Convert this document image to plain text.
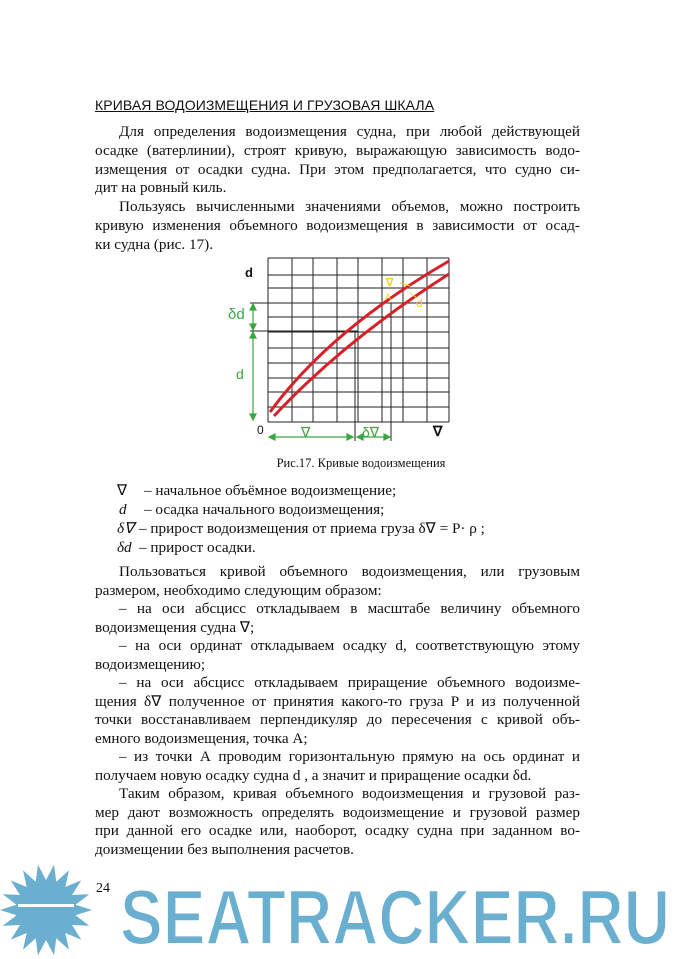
КРИВАЯ ВОДОИЗМЕЩЕНИЯ И ГРУЗОВАЯ ШКАЛА
Для определения водоизмещения судна, при любой действующей
осадке (ватерлинии), строят кривую, выражающую зависимость водо-
измещения от осадки судна. При этом предполагается, что судно си-
дит на ровный киль.
Пользуясь вычисленными значениями объемов, можно построить
кривую изменения объемного водоизмещения в зависимости от осад-
ки судна (рис. 17).
d
δd
d
0	∇	δ∇	∇
∇
A d
Рис.17. Кривые водоизмещения
∇ – начальное объёмное водоизмещение;
d – осадка начального водоизмещения;
δ∇ – прирост водоизмещения от приема груза δ∇ = P· ρ ;
δd – прирост осадки.
Пользоваться кривой объемного водоизмещения, или грузовым
размером, необходимо следующим образом:
– на оси абсцисс откладываем в масштабе величину объемного
водоизмещения судна ∇;
– на оси ординат откладываем осадку d, соответствующую этому
водоизмещению;
– на оси абсцисс откладываем приращение объемного водоизме-
щения δ∇ полученное от принятия какого-то груза P и из полученной
точки восстанавливаем перпендикуляр до пересечения с кривой объ-
емного водоизмещения, точка А;
– из точки А проводим горизонтальную прямую на ось ординат и
получаем новую осадку судна d , а значит и приращение осадки δd.
Таким образом, кривая объемного водоизмещения и грузовой раз-
мер дают возможность определять водоизмещение и грузовой размер
при данной его осадке или, наоборот, осадку судна при заданном во-
доизмещении без выполнения расчетов.
SEATRACKER.RU
24
